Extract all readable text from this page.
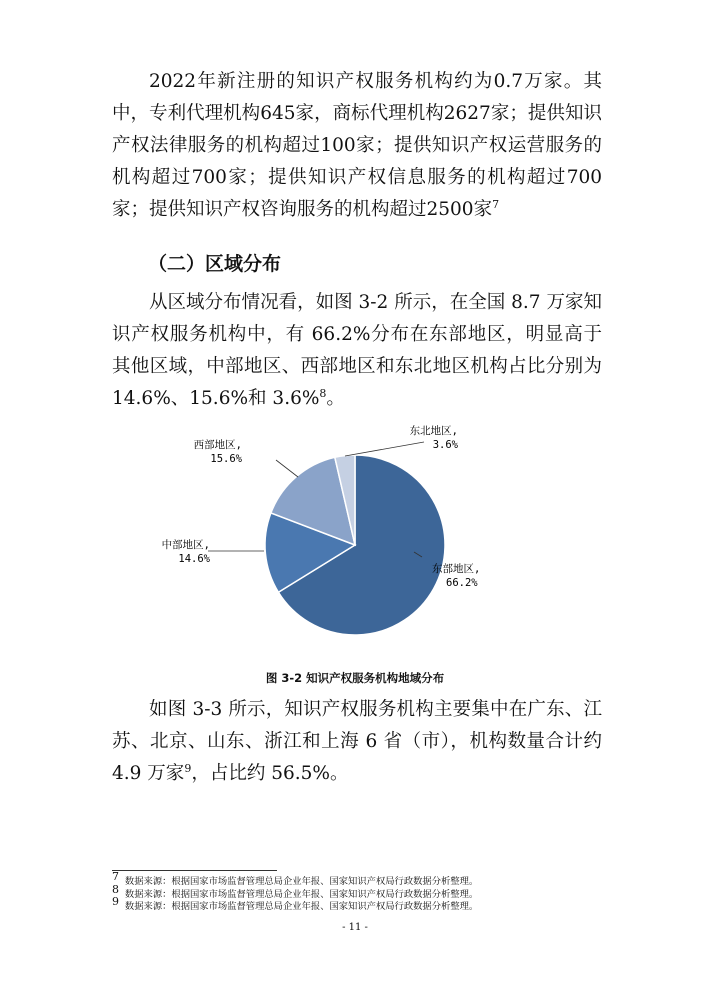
2022年新注册的知识产权服务机构约为0.7万家。其中，专利代理机构645家，商标代理机构2627家；提供知识产权法律服务的机构超过100家；提供知识产权运营服务的机构超过700家；提供知识产权信息服务的机构超过700家；提供知识产权咨询服务的机构超过2500家$^7$

（二）区域分布

从区域分布情况看，如图 3-2 所示，在全国 8.7 万家知识产权服务机构中，有 66.2%分布在东部地区，明显高于其他区域，中部地区、西部地区和东北地区机构占比分别为 14.6%、15.6%和 3.6%$^8$。

东部地区,
66.2%
中部地区,
14.6%
西部地区,
15.6%
东北地区,
3.6%
图 3-2 知识产权服务机构地域分布

如图 3-3 所示，知识产权服务机构主要集中在广东、江苏、北京、山东、浙江和上海 6 省（市），机构数量合计约 4.9 万家$^9$，占比约 56.5%。

$^7$ 数据来源：根据国家市场监督管理总局企业年报、国家知识产权局行政数据分析整理。
$^8$ 数据来源：根据国家市场监督管理总局企业年报、国家知识产权局行政数据分析整理。
$^9$ 数据来源：根据国家市场监督管理总局企业年报、国家知识产权局行政数据分析整理。
- 11 -
